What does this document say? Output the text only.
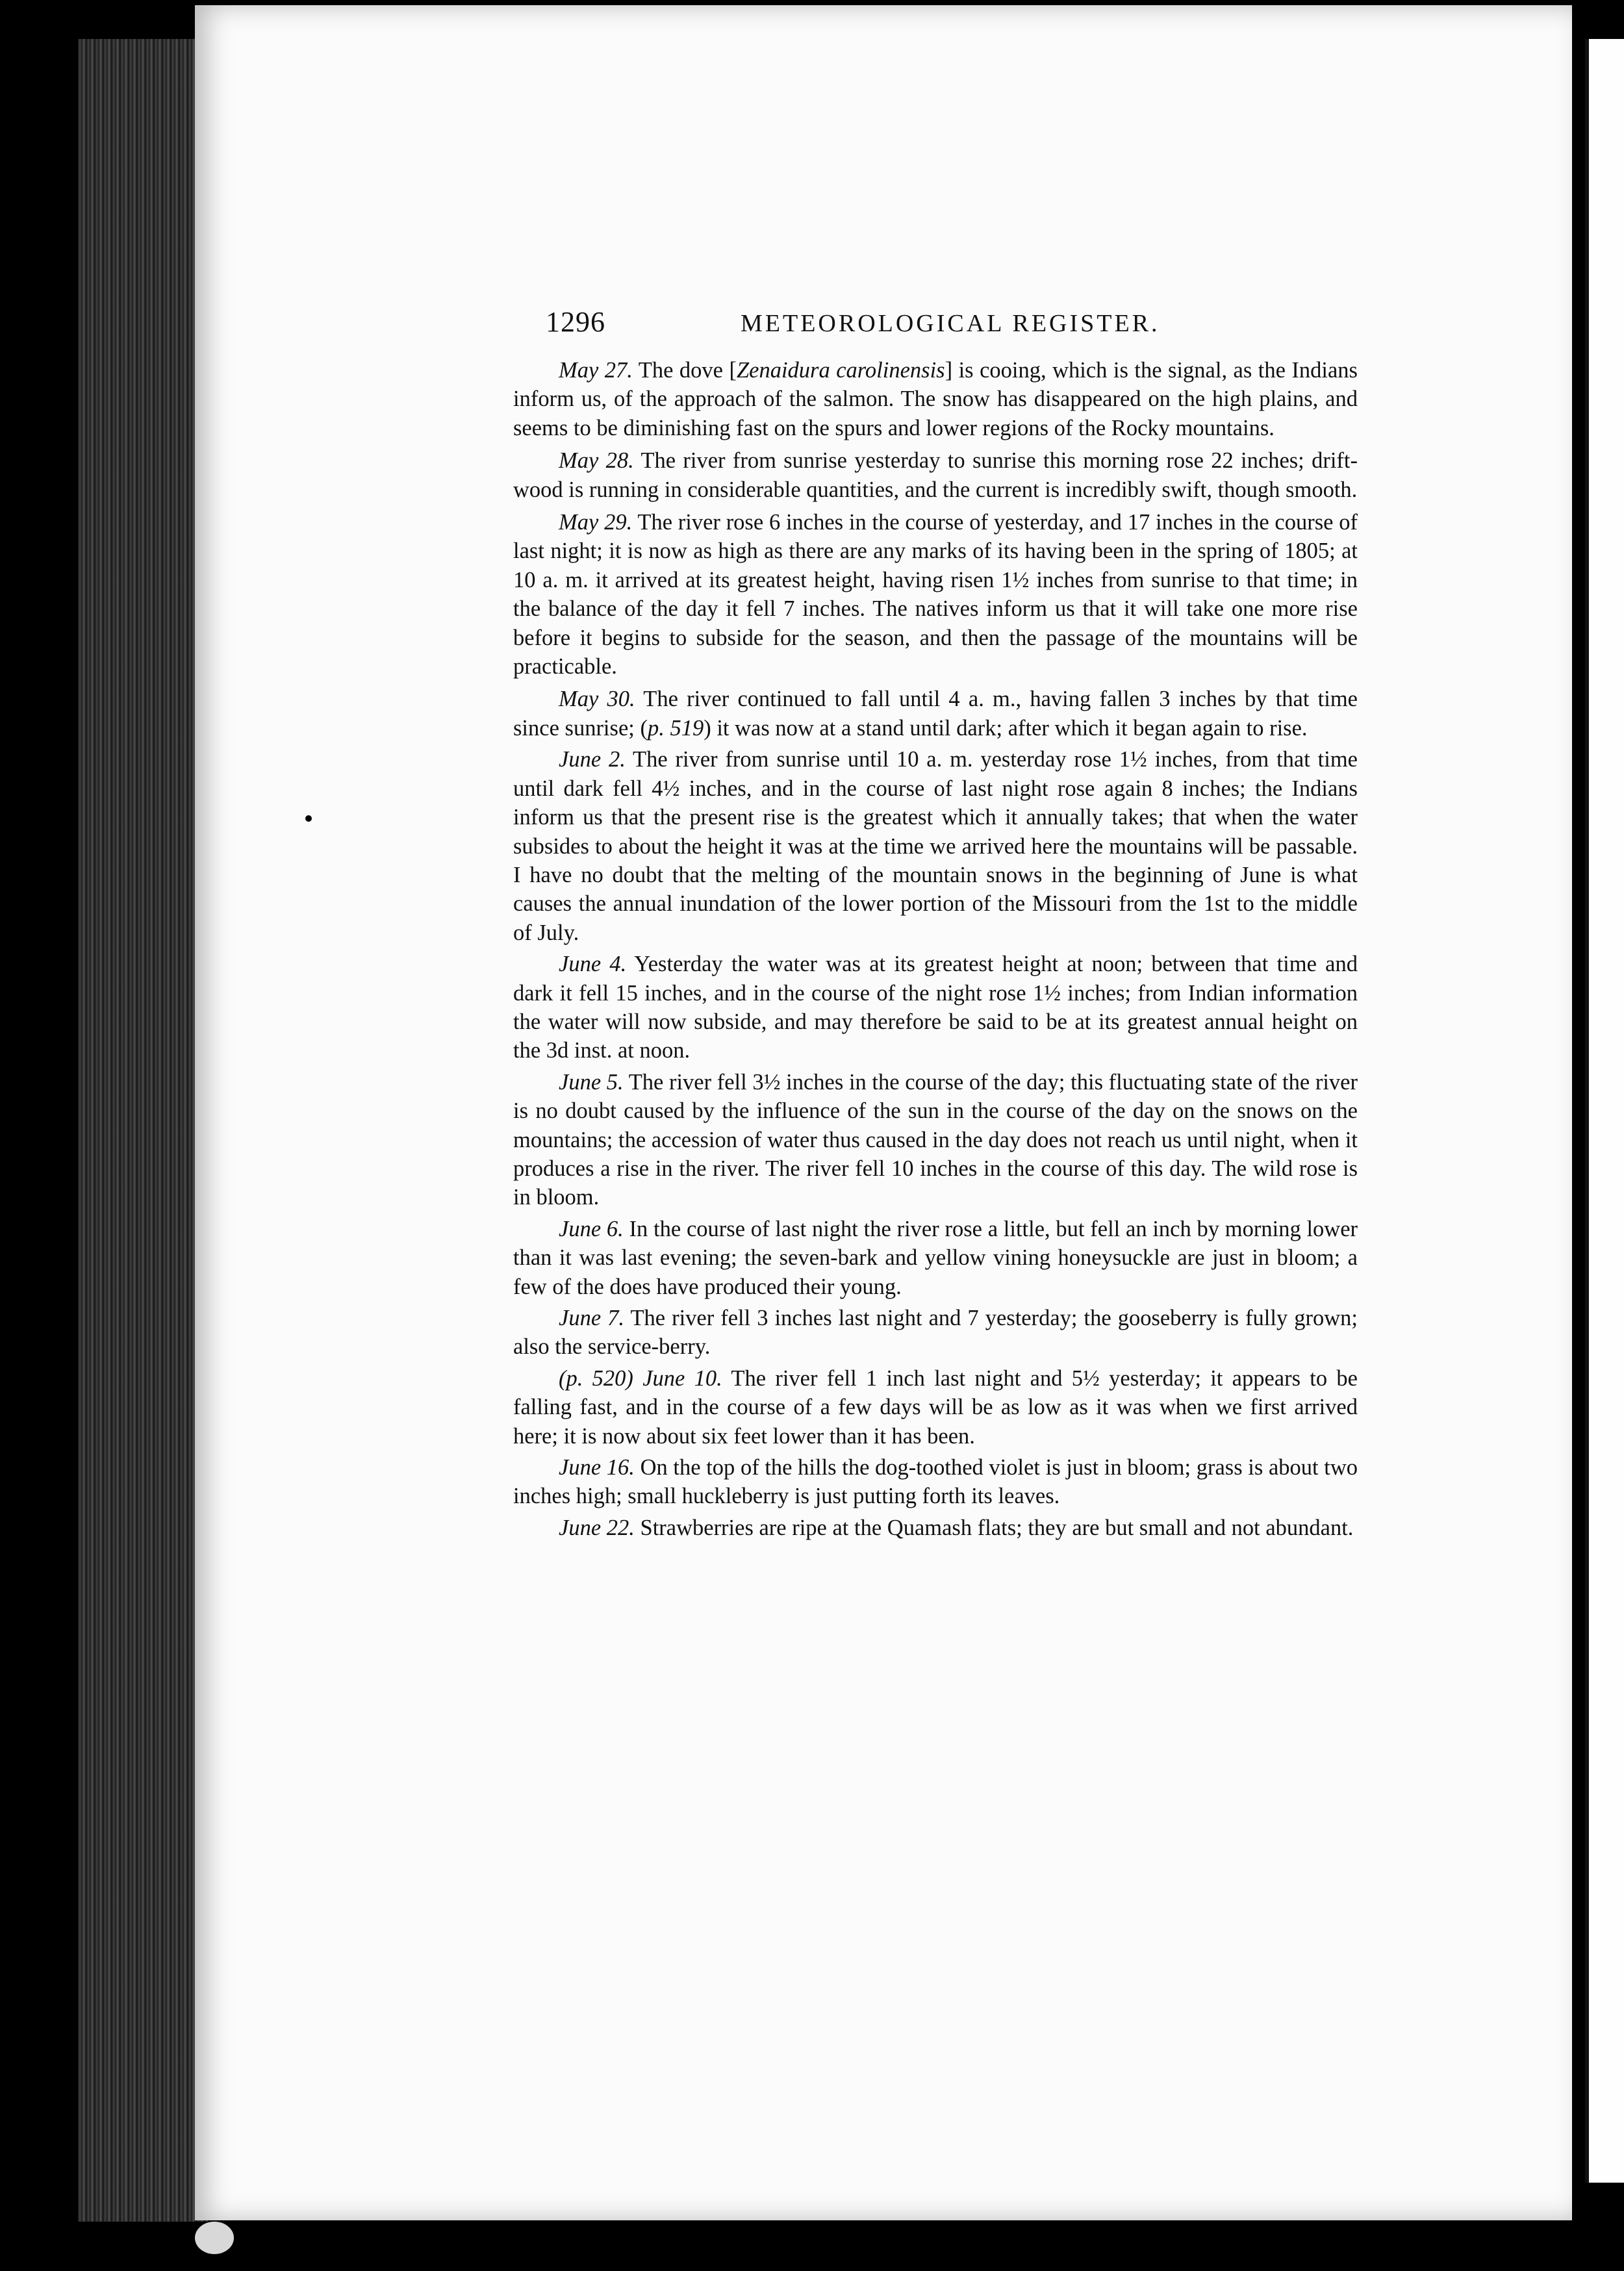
1296	METEOROLOGICAL REGISTER.

May 27. The dove [Zenaidura carolinensis] is cooing, which is the signal, as the Indians inform us, of the approach of the salmon. The snow has disappeared on the high plains, and seems to be diminishing fast on the spurs and lower regions of the Rocky mountains.

May 28. The river from sunrise yesterday to sunrise this morning rose 22 inches; drift-wood is running in considerable quantities, and the current is incredibly swift, though smooth.

May 29. The river rose 6 inches in the course of yesterday, and 17 inches in the course of last night; it is now as high as there are any marks of its having been in the spring of 1805; at 10 a. m. it arrived at its greatest height, having risen 1½ inches from sunrise to that time; in the balance of the day it fell 7 inches. The natives inform us that it will take one more rise before it begins to subside for the season, and then the passage of the mountains will be practicable.

May 30. The river continued to fall until 4 a. m., having fallen 3 inches by that time since sunrise; (p. 519) it was now at a stand until dark; after which it began again to rise.

June 2. The river from sunrise until 10 a. m. yesterday rose 1½ inches, from that time until dark fell 4½ inches, and in the course of last night rose again 8 inches; the Indians inform us that the present rise is the greatest which it annually takes; that when the water subsides to about the height it was at the time we arrived here the mountains will be passable. I have no doubt that the melting of the mountain snows in the beginning of June is what causes the annual inundation of the lower portion of the Missouri from the 1st to the middle of July.

June 4. Yesterday the water was at its greatest height at noon; between that time and dark it fell 15 inches, and in the course of the night rose 1½ inches; from Indian information the water will now subside, and may therefore be said to be at its greatest annual height on the 3d inst. at noon.

June 5. The river fell 3½ inches in the course of the day; this fluctuating state of the river is no doubt caused by the influence of the sun in the course of the day on the snows on the mountains; the accession of water thus caused in the day does not reach us until night, when it produces a rise in the river. The river fell 10 inches in the course of this day. The wild rose is in bloom.

June 6. In the course of last night the river rose a little, but fell an inch by morning lower than it was last evening; the seven-bark and yellow vining honeysuckle are just in bloom; a few of the does have produced their young.

June 7. The river fell 3 inches last night and 7 yesterday; the gooseberry is fully grown; also the service-berry.

(p. 520) June 10. The river fell 1 inch last night and 5½ yesterday; it appears to be falling fast, and in the course of a few days will be as low as it was when we first arrived here; it is now about six feet lower than it has been.

June 16. On the top of the hills the dog-toothed violet is just in bloom; grass is about two inches high; small huckleberry is just putting forth its leaves.

June 22. Strawberries are ripe at the Quamash flats; they are but small and not abundant.
